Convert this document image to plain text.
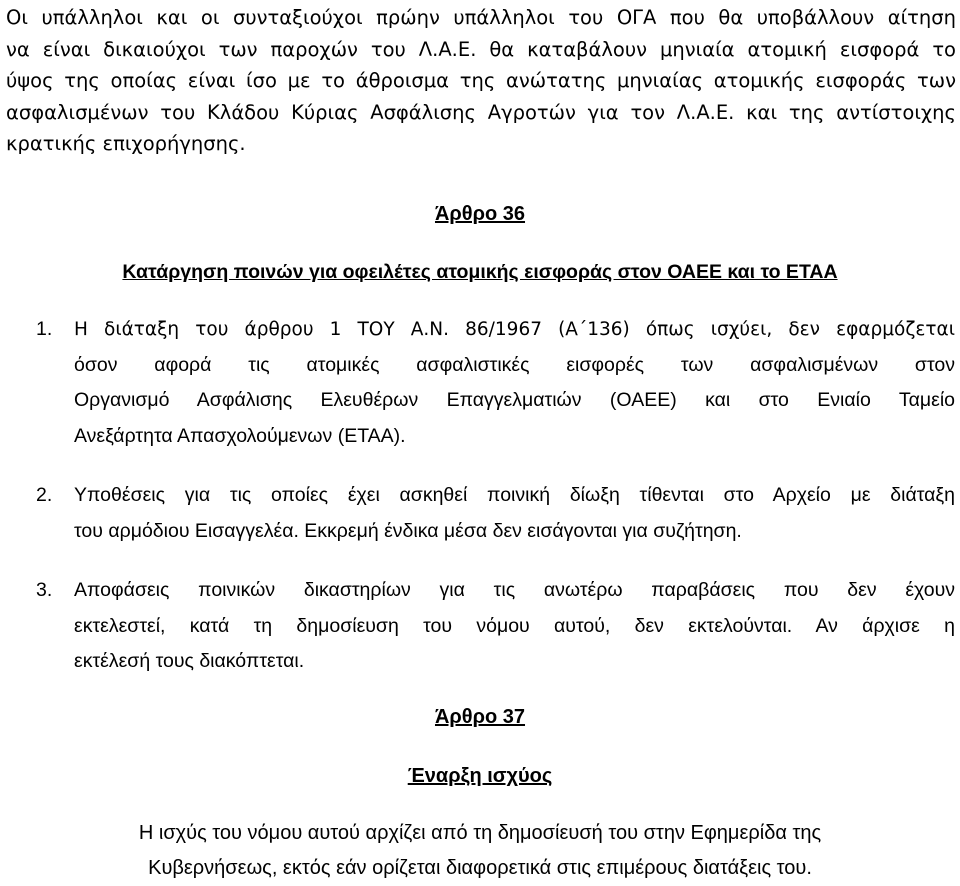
Οι υπάλληλοι και οι συνταξιούχοι πρώην υπάλληλοι του ΟΓΑ που θα υποβάλλουν αίτηση
να είναι δικαιούχοι των παροχών του Λ.Α.Ε. θα καταβάλουν μηνιαία ατομική εισφορά το
ύψος της οποίας είναι ίσο με το άθροισμα της ανώτατης μηνιαίας ατομικής εισφοράς των
ασφαλισμένων του Κλάδου Κύριας Ασφάλισης Αγροτών για τον Λ.Α.Ε. και της αντίστοιχης
κρατικής επιχορήγησης.

Άρθρο 36
Κατάργηση ποινών για οφειλέτες ατομικής εισφοράς στον ΟΑΕΕ και το ΕΤΑΑ

1. Η διάταξη του άρθρου 1 ΤΟΥ Α.Ν. 86/1967 (Α΄136) όπως ισχύει, δεν εφαρμόζεται
όσον αφορά τις ατομικές ασφαλιστικές εισφορές των ασφαλισμένων στον
Οργανισμό Ασφάλισης Ελευθέρων Επαγγελματιών (ΟΑΕΕ) και στο Ενιαίο Ταμείο
Ανεξάρτητα Απασχολούμενων (ΕΤΑΑ).

2. Υποθέσεις για τις οποίες έχει ασκηθεί ποινική δίωξη τίθενται στο Αρχείο με διάταξη
του αρμόδιου Εισαγγελέα. Εκκρεμή ένδικα μέσα δεν εισάγονται για συζήτηση.

3. Αποφάσεις ποινικών δικαστηρίων για τις ανωτέρω παραβάσεις που δεν έχουν
εκτελεστεί, κατά τη δημοσίευση του νόμου αυτού, δεν εκτελούνται. Αν άρχισε η
εκτέλεσή τους διακόπτεται.

Άρθρο 37
Έναρξη ισχύος

Η ισχύς του νόμου αυτού αρχίζει από τη δημοσίευσή του στην Εφημερίδα της
Κυβερνήσεως, εκτός εάν ορίζεται διαφορετικά στις επιμέρους διατάξεις του.
